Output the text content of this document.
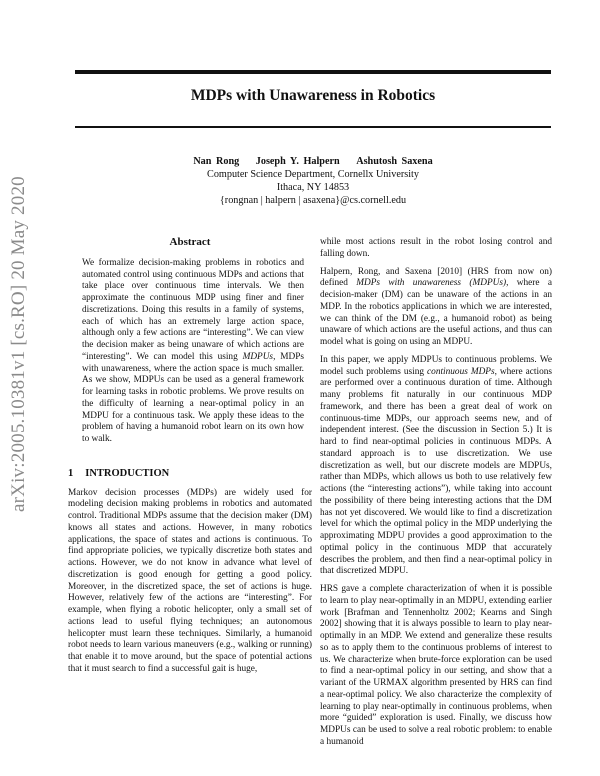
MDPs with Unawareness in Robotics
Nan Rong Joseph Y. Halpern Ashutosh Saxena
Computer Science Department, Cornellx University
Ithaca, NY 14853
{rongnan | halpern | asaxena}@cs.cornell.edu
arXiv:2005.10381v1 [cs.RO] 20 May 2020	Abstract
We formalize decision-making problems in robotics and automated control using continuous MDPs and actions that take place over continuous time intervals. We then approximate the continuous MDP using finer and finer discretizations. Doing this results in a family of systems, each of which has an extremely large action space, although only a few actions are “interesting”. We can view the decision maker as being unaware of which actions are “interesting”. We can model this using MDPUs, MDPs with unawareness, where the action space is much smaller. As we show, MDPUs can be used as a general framework for learning tasks in robotic problems. We prove results on the difficulty of learning a near-optimal policy in an MDPU for a continuous task. We apply these ideas to the problem of having a humanoid robot learn on its own how to walk.
1 INTRODUCTION

Markov decision processes (MDPs) are widely used for modeling decision making problems in robotics and automated control. Traditional MDPs assume that the decision maker (DM) knows all states and actions. However, in many robotics applications, the space of states and actions is continuous. To find appropriate policies, we typically discretize both states and actions. However, we do not know in advance what level of discretization is good enough for getting a good policy. Moreover, in the discretized space, the set of actions is huge. However, relatively few of the actions are “interesting”. For example, when flying a robotic helicopter, only a small set of actions lead to useful flying techniques; an autonomous helicopter must learn these techniques. Similarly, a humanoid robot needs to learn various maneuvers (e.g., walking or running) that enable it to move around, but the space of potential actions that it must search to find a successful gait is huge,

while most actions result in the robot losing control and falling down.

Halpern, Rong, and Saxena [2010] (HRS from now on) defined MDPs with unawareness (MDPUs), where a decision-maker (DM) can be unaware of the actions in an MDP. In the robotics applications in which we are interested, we can think of the DM (e.g., a humanoid robot) as being unaware of which actions are the useful actions, and thus can model what is going on using an MDPU.

In this paper, we apply MDPUs to continuous problems. We model such problems using continuous MDPs, where actions are performed over a continuous duration of time. Although many problems fit naturally in our continuous MDP framework, and there has been a great deal of work on continuous-time MDPs, our approach seems new, and of independent interest. (See the discussion in Section 5.) It is hard to find near-optimal policies in continuous MDPs. A standard approach is to use discretization. We use discretization as well, but our discrete models are MDPUs, rather than MDPs, which allows us both to use relatively few actions (the “interesting actions”), while taking into account the possibility of there being interesting actions that the DM has not yet discovered. We would like to find a discretization level for which the optimal policy in the MDP underlying the approximating MDPU provides a good approximation to the optimal policy in the continuous MDP that accurately describes the problem, and then find a near-optimal policy in that discretized MDPU.

HRS gave a complete characterization of when it is possible to learn to play near-optimally in an MDPU, extending earlier work [Brafman and Tennenholtz 2002; Kearns and Singh 2002] showing that it is always possible to learn to play near-optimally in an MDP. We extend and generalize these results so as to apply them to the continuous problems of interest to us. We characterize when brute-force exploration can be used to find a near-optimal policy in our setting, and show that a variant of the URMAX algorithm presented by HRS can find a near-optimal policy. We also characterize the complexity of learning to play near-optimally in continuous problems, when more “guided” exploration is used. Finally, we discuss how MDPUs can be used to solve a real robotic problem: to enable a humanoid
